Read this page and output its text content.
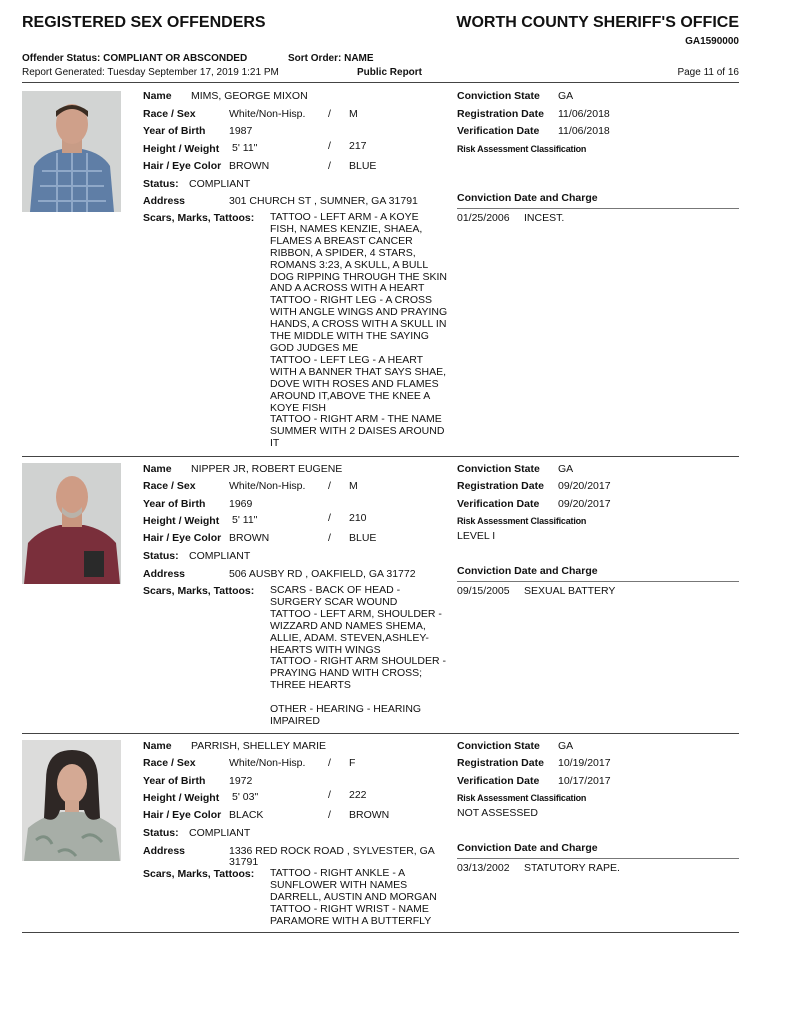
REGISTERED SEX OFFENDERS	WORTH COUNTY SHERIFF'S OFFICE
GA1590000
Offender Status: COMPLIANT OR ABSCONDED	Sort Order: NAME
Report Generated: Tuesday September 17, 2019 1:21 PM	Public Report	Page 11 of 16
Name MIMS, GEORGE MIXON
Race / Sex	White/Non-Hisp. / M
Year of Birth 1987
Height / Weight 5' 11"	/ 217
Hair / Eye Color BROWN	/ BLUE
Status: COMPLIANT
Address	301 CHURCH ST , SUMNER, GA 31791
Scars, Marks, Tattoos: TATTOO - LEFT ARM - A KOYE
FISH, NAMES KENZIE, SHAEA,
FLAMES A BREAST CANCER
RIBBON, A SPIDER, 4 STARS,
ROMANS 3:23, A SKULL, A BULL
DOG RIPPING THROUGH THE SKIN
AND A ACROSS WITH A HEART
TATTOO - RIGHT LEG - A CROSS
WITH ANGLE WINGS AND PRAYING
HANDS, A CROSS WITH A SKULL IN
THE MIDDLE WITH THE SAYING
GOD JUDGES ME
TATTOO - LEFT LEG - A HEART
WITH A BANNER THAT SAYS SHAE,
DOVE WITH ROSES AND FLAMES
AROUND IT,ABOVE THE KNEE A
KOYE FISH
TATTOO - RIGHT ARM - THE NAME
SUMMER WITH 2 DAISES AROUND
IT
Conviction State GA
Registration Date 11/06/2018
Verification Date 11/06/2018
Risk Assessment Classification
Conviction Date and Charge
01/25/2006 INCEST.
Name NIPPER JR, ROBERT EUGENE
Race / Sex	White/Non-Hisp. / M
Year of Birth 1969
Height / Weight 5' 11"	/ 210
Hair / Eye Color BROWN	/ BLUE
Status: COMPLIANT
Address	506 AUSBY RD , OAKFIELD, GA 31772
Scars, Marks, Tattoos: SCARS - BACK OF HEAD -
SURGERY SCAR WOUND
TATTOO - LEFT ARM, SHOULDER -
WIZZARD AND NAMES SHEMA,
ALLIE, ADAM. STEVEN,ASHLEY-
HEARTS WITH WINGS
TATTOO - RIGHT ARM SHOULDER -
PRAYING HAND WITH CROSS;
THREE HEARTS

OTHER - HEARING - HEARING
IMPAIRED
Conviction State GA
Registration Date 09/20/2017
Verification Date 09/20/2017
Risk Assessment Classification
LEVEL I
Conviction Date and Charge
09/15/2005 SEXUAL BATTERY
Name PARRISH, SHELLEY MARIE
Race / Sex	White/Non-Hisp. / F
Year of Birth 1972
Height / Weight 5' 03"	/ 222
Hair / Eye Color BLACK	/ BROWN
Status: COMPLIANT
Address	1336 RED ROCK ROAD , SYLVESTER, GA
31791
Scars, Marks, Tattoos: TATTOO - RIGHT ANKLE - A
SUNFLOWER WITH NAMES
DARRELL, AUSTIN AND MORGAN
TATTOO - RIGHT WRIST - NAME
PARAMORE WITH A BUTTERFLY
Conviction State GA
Registration Date 10/19/2017
Verification Date 10/17/2017
Risk Assessment Classification
NOT ASSESSED
Conviction Date and Charge
03/13/2002 STATUTORY RAPE.
